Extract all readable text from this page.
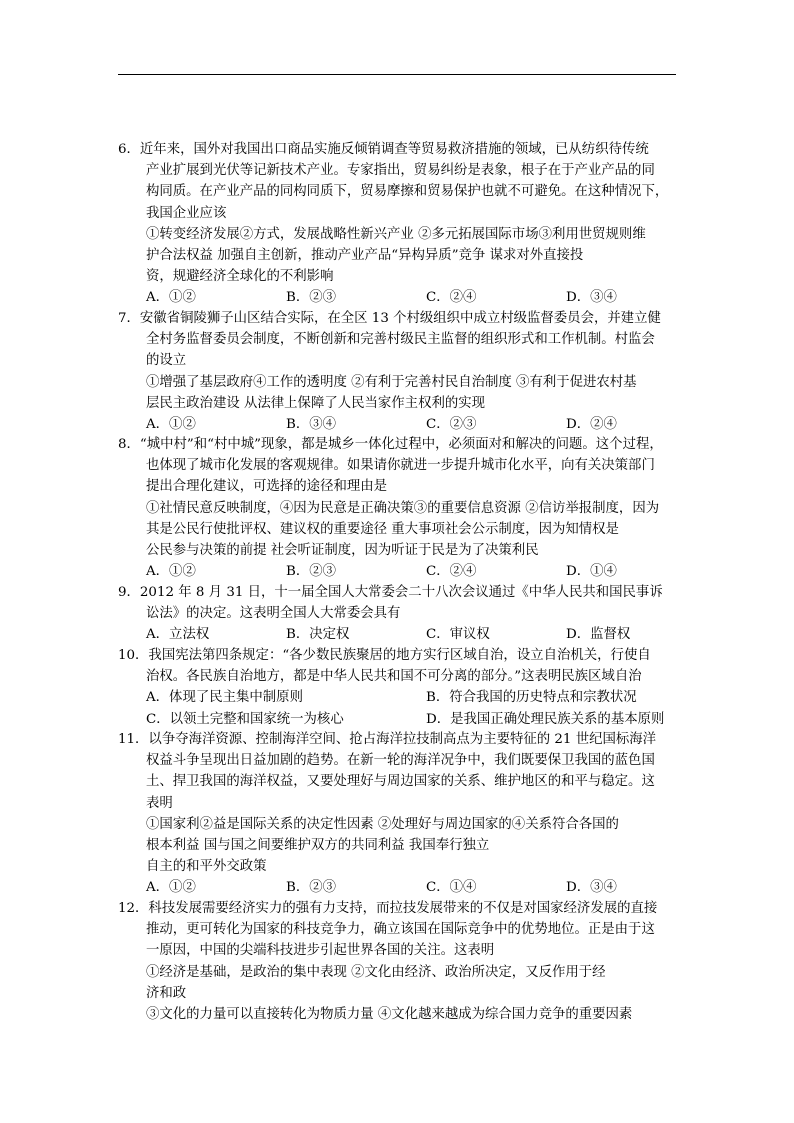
6．近年来，国外对我国出口商品实施反倾销调查等贸易救济措施的领域，已从纺织待传统
产业扩展到光伏等记新技术产业。专家指出，贸易纠纷是表象，根子在于产业产品的同
构同质。在产业产品的同构同质下，贸易摩擦和贸易保护也就不可避免。在这种情况下，
我国企业应该
①转变经济发展②方式，发展战略性新兴产业 ②多元拓展国际市场③利用世贸规则维
护合法权益 加强自主创新，推动产业产品“异构异质”竞争 谋求对外直接投
资，规避经济全球化的不利影响
A．①②	B．②③	C．②④	D．③④
7．安徽省铜陵狮子山区结合实际，在全区 13 个村级组织中成立村级监督委员会，并建立健
全村务监督委员会制度，不断创新和完善村级民主监督的组织形式和工作机制。村监会
的设立
①增强了基层政府④工作的透明度 ②有利于完善村民自治制度 ③有利于促进农村基
层民主政治建设 从法律上保障了人民当家作主权利的实现
A．①②	B．③④	C．②③	D．②④
8．“城中村”和“村中城”现象，都是城乡一体化过程中，必须面对和解决的问题。这个过程，
也体现了城市化发展的客观规律。如果请你就进一步提升城市化水平，向有关决策部门
提出合理化建议，可选择的途径和理由是
①社情民意反映制度，④因为民意是正确决策③的重要信息资源 ②信访举报制度，因为
其是公民行使批评权、建议权的重要途径 重大事项社会公示制度，因为知情权是
公民参与决策的前提 社会听证制度，因为听证于民是为了决策利民
A．①②	B．②③	C．②④	D．①④
9．2012 年 8 月 31 日，十一届全国人大常委会二十八次会议通过《中华人民共和国民事诉
讼法》的决定。这表明全国人大常委会具有
A．立法权	B．决定权	C．审议权	D．监督权
10．我国宪法第四条规定：“各少数民族聚居的地方实行区域自治，设立自治机关，行使自
治权。各民族自治地方，都是中华人民共和国不可分离的部分。”这表明民族区域自治
A．体现了民主集中制原则	B．符合我国的历史特点和宗教状况
C．以领土完整和国家统一为核心	D．是我国正确处理民族关系的基本原则
11．以争夺海洋资源、控制海洋空间、抢占海洋拉技制高点为主要特征的 21 世纪国标海洋
权益斗争呈现出日益加剧的趋势。在新一轮的海洋况争中，我们既要保卫我国的蓝色国
土、捍卫我国的海洋权益，又要处理好与周边国家的关系、维护地区的和平与稳定。这
表明
①国家利②益是国际关系的决定性因素 ②处理好与周边国家的④关系符合各国的
根本利益 国与国之间要维护双方的共同利益 我国奉行独立
自主的和平外交政策
A．①②	B．②③	C．①④	D．③④
12．科技发展需要经济实力的强有力支持，而拉技发展带来的不仅是对国家经济发展的直接
推动，更可转化为国家的科技竞争力，确立该国在国际竞争中的优势地位。正是由于这
一原因，中国的尖端科技进步引起世界各国的关注。这表明
①经济是基础，是政治的集中表现 ②文化由经济、政治所决定，又反作用于经
济和政
③文化的力量可以直接转化为物质力量 ④文化越来越成为综合国力竞争的重要因素
